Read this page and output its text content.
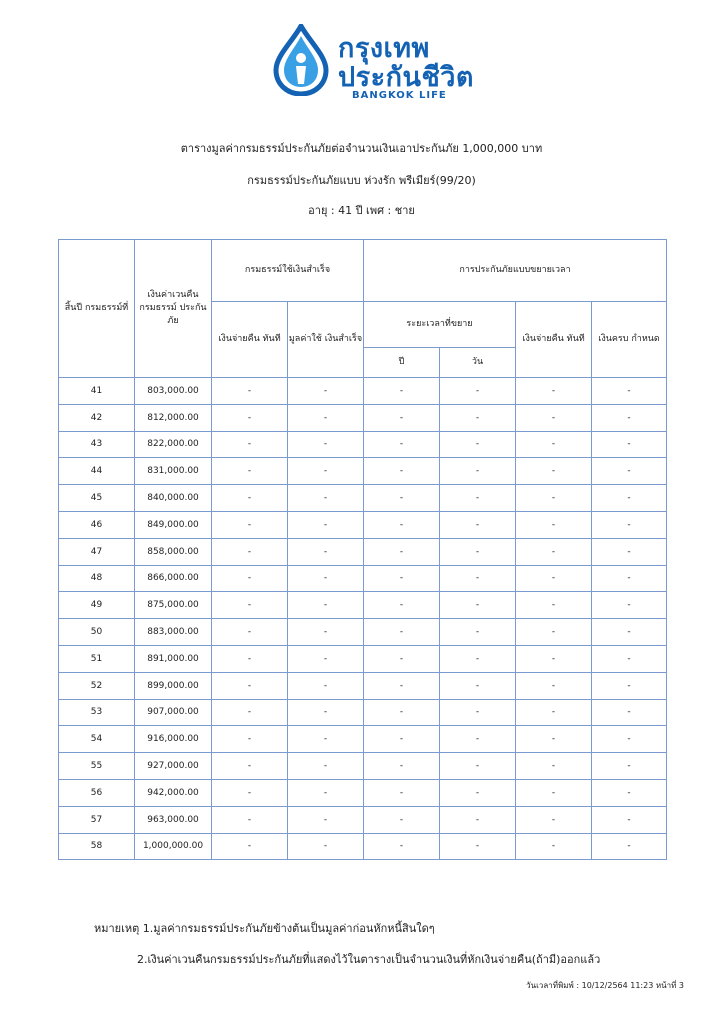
กรุงเทพ
ประกันชีวิต
BANGKOK LIFE
ตารางมูลค่ากรมธรรม์ประกันภัยต่อจำนวนเงินเอาประกันภัย 1,000,000 บาท
กรมธรรม์ประกันภัยแบบ ห่วงรัก พรีเมียร์(99/20)
อายุ : 41 ปี เพศ : ชาย
สิ้นปี กรมธรรม์ที่	เงินค่าเวนคืน กรมธรรม์ ประกันภัย	กรมธรรม์ใช้เงินสำเร็จ		การประกันภัยแบบขยายเวลา			
		เงินจ่ายคืน ทันที	มูลค่าใช้ เงินสำเร็จ	ระยะเวลาที่ขยาย		เงินจ่ายคืน ทันที	เงินครบ กำหนด
				ปี	วัน		
41	803,000.00	-	-	-	-	-	-
42	812,000.00	-	-	-	-	-	-
43	822,000.00	-	-	-	-	-	-
44	831,000.00	-	-	-	-	-	-
45	840,000.00	-	-	-	-	-	-
46	849,000.00	-	-	-	-	-	-
47	858,000.00	-	-	-	-	-	-
48	866,000.00	-	-	-	-	-	-
49	875,000.00	-	-	-	-	-	-
50	883,000.00	-	-	-	-	-	-
51	891,000.00	-	-	-	-	-	-
52	899,000.00	-	-	-	-	-	-
53	907,000.00	-	-	-	-	-	-
54	916,000.00	-	-	-	-	-	-
55	927,000.00	-	-	-	-	-	-
56	942,000.00	-	-	-	-	-	-
57	963,000.00	-	-	-	-	-	-
58	1,000,000.00	-	-	-	-	-	-
หมายเหตุ 1.มูลค่ากรมธรรม์ประกันภัยข้างต้นเป็นมูลค่าก่อนหักหนี้สินใดๆ
2.เงินค่าเวนคืนกรมธรรม์ประกันภัยที่แสดงไว้ในตารางเป็นจำนวนเงินที่หักเงินจ่ายคืน(ถ้ามี)ออกแล้ว
วันเวลาที่พิมพ์ : 10/12/2564 11:23 หน้าที่ 3
